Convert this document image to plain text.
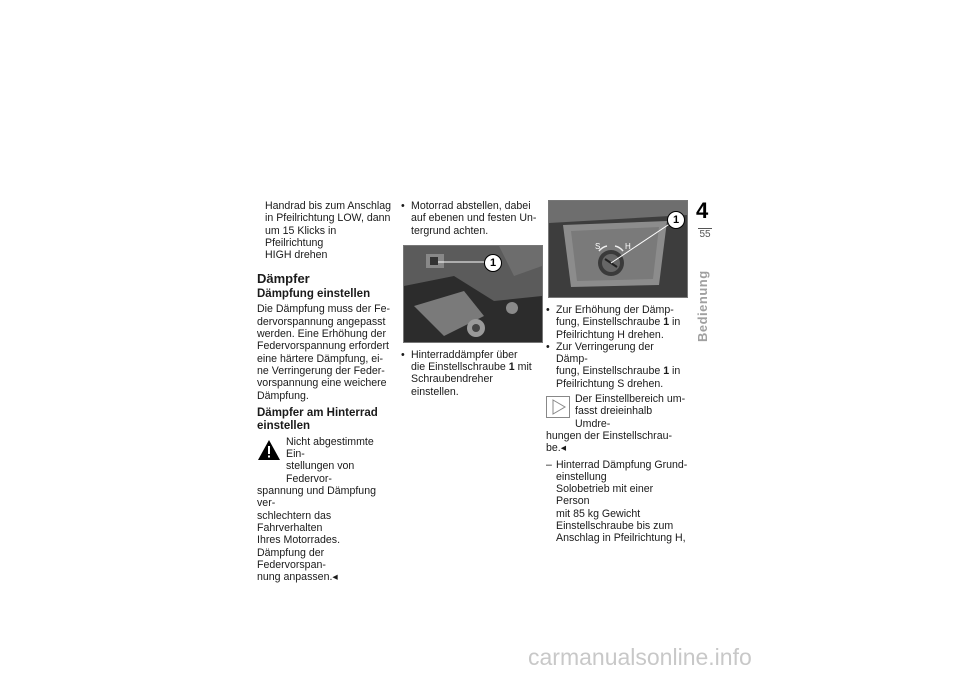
Handrad bis zum Anschlag
in Pfeilrichtung LOW, dann
um 15 Klicks in Pfeilrichtung
HIGH drehen
Dämpfer
Dämpfung einstellen
Die Dämpfung muss der Fe-
dervorspannung angepasst
werden. Eine Erhöhung der
Federvorspannung erfordert
eine härtere Dämpfung, ei-
ne Verringerung der Feder-
vorspannung eine weichere
Dämpfung.
Dämpfer am Hinterrad
einstellen
Nicht abgestimmte Ein-
stellungen von Federvor-
spannung und Dämpfung ver-
schlechtern das Fahrverhalten
Ihres Motorrades.
Dämpfung der Federvorspan-
nung anpassen.◂
• Motorrad abstellen, dabei
auf ebenen und festen Un-
tergrund achten.
1
• Hinterraddämpfer über
die Einstellschraube 1 mit
Schraubendreher einstellen.
S	H
1
• Zur Erhöhung der Dämp-
fung, Einstellschraube 1 in
Pfeilrichtung H drehen.
• Zur Verringerung der Dämp-
fung, Einstellschraube 1 in
Pfeilrichtung S drehen.
Der Einstellbereich um-
fasst dreieinhalb Umdre-
hungen der Einstellschrau-
be.◂
– Hinterrad Dämpfung Grund-
einstellung
Solobetrieb mit einer Person
mit 85 kg Gewicht
Einstellschraube bis zum
Anschlag in Pfeilrichtung H,
4
55
Bedienung
carmanualsonline.info
